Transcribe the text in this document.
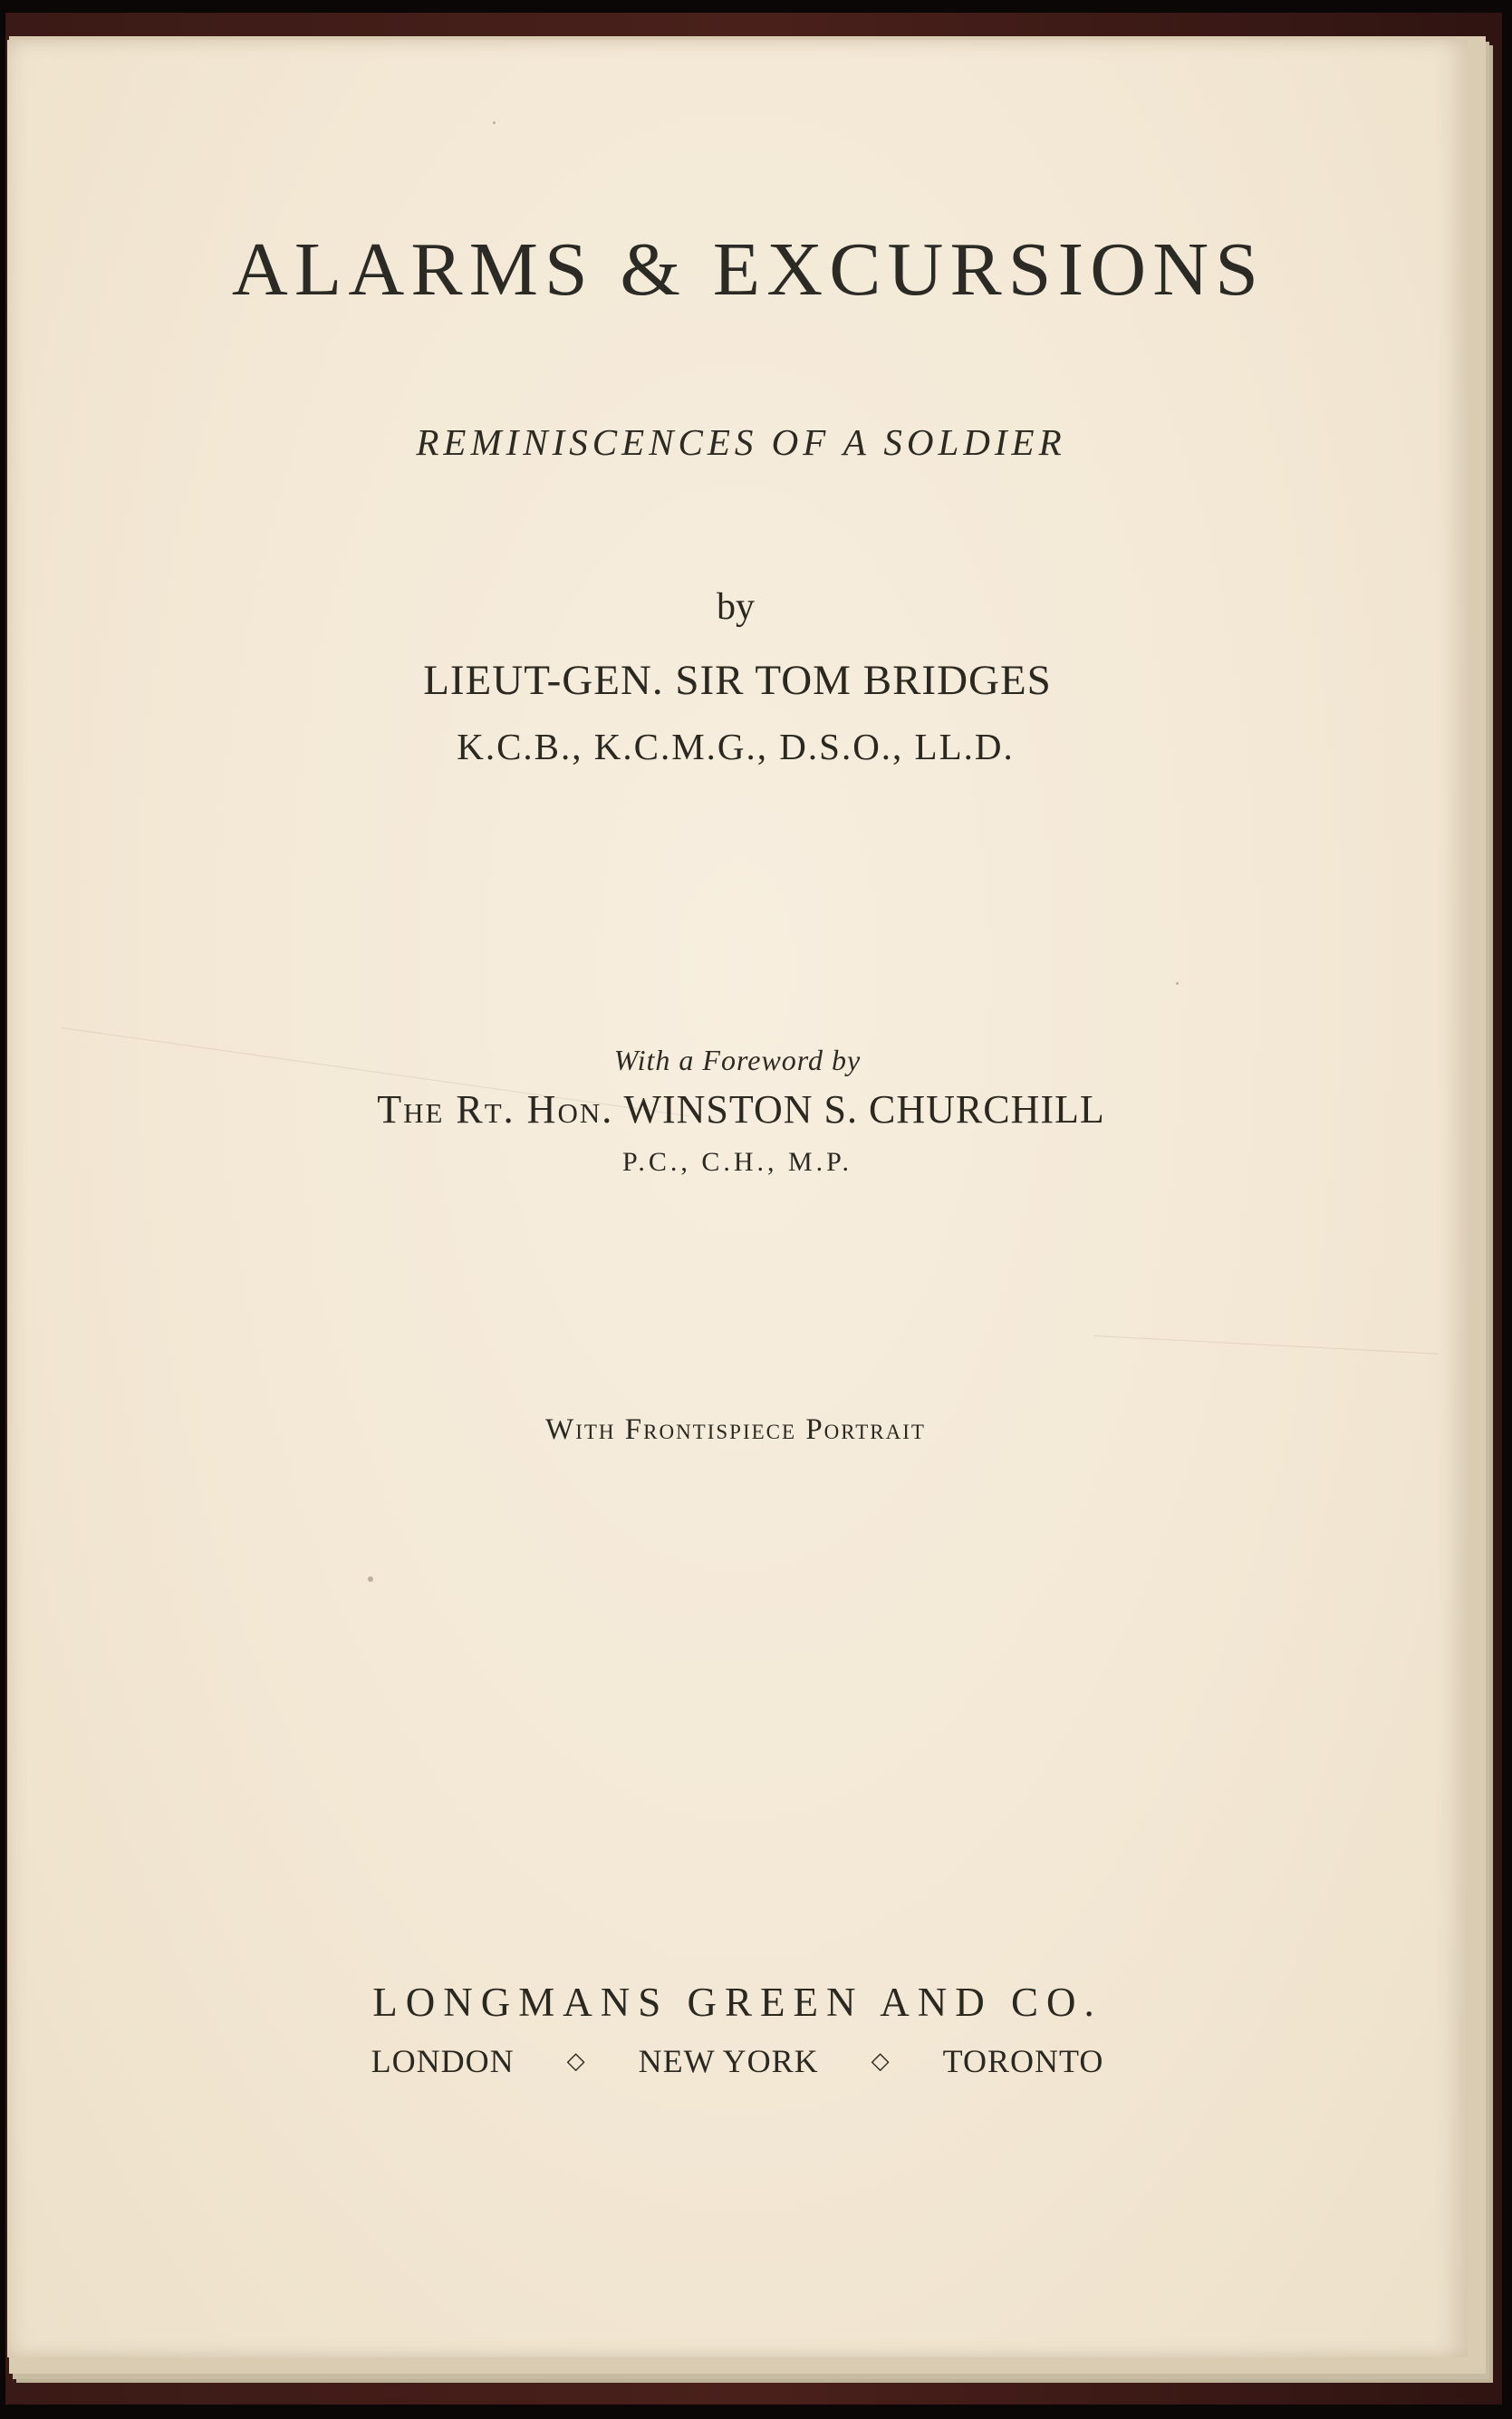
ALARMS & EXCURSIONS
REMINISCENCES OF A SOLDIER
by
LIEUT-GEN. SIR TOM BRIDGES
K.C.B., K.C.M.G., D.S.O., LL.D.
With a Foreword by
The Rt. Hon. WINSTON S. CHURCHILL
P.C., C.H., M.P.
With Frontispiece Portrait
LONGMANS GREEN AND CO.
LONDON ◇ NEW YORK ◇ TORONTO
